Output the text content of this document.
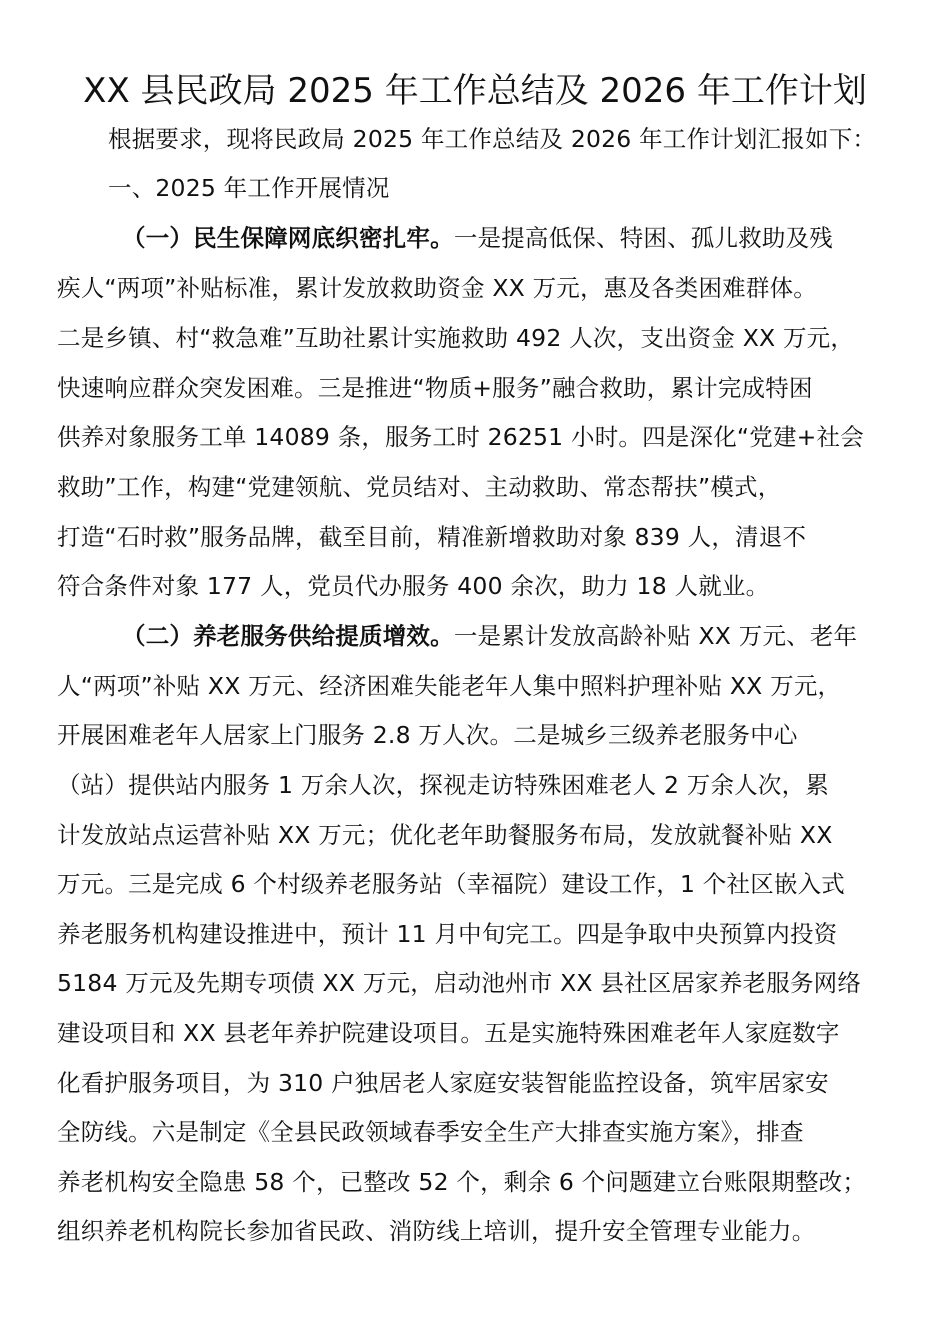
XX 县民政局 2025 年工作总结及 2026 年工作计划
根据要求，现将民政局 2025 年工作总结及 2026 年工作计划汇报如下：
一、2025 年工作开展情况
（一）民生保障网底织密扎牢。一是提高低保、特困、孤儿救助及残
疾人“两项”补贴标准，累计发放救助资金 XX 万元，惠及各类困难群体。
二是乡镇、村“救急难”互助社累计实施救助 492 人次，支出资金 XX 万元，
快速响应群众突发困难。三是推进“物质+服务”融合救助，累计完成特困
供养对象服务工单 14089 条，服务工时 26251 小时。四是深化“党建+社会
救助”工作，构建“党建领航、党员结对、主动救助、常态帮扶”模式，
打造“石时救”服务品牌，截至目前，精准新增救助对象 839 人，清退不
符合条件对象 177 人，党员代办服务 400 余次，助力 18 人就业。
（二）养老服务供给提质增效。一是累计发放高龄补贴 XX 万元、老年
人“两项”补贴 XX 万元、经济困难失能老年人集中照料护理补贴 XX 万元，
开展困难老年人居家上门服务 2.8 万人次。二是城乡三级养老服务中心
（站）提供站内服务 1 万余人次，探视走访特殊困难老人 2 万余人次，累
计发放站点运营补贴 XX 万元；优化老年助餐服务布局，发放就餐补贴 XX
万元。三是完成 6 个村级养老服务站（幸福院）建设工作，1 个社区嵌入式
养老服务机构建设推进中，预计 11 月中旬完工。四是争取中央预算内投资
5184 万元及先期专项债 XX 万元，启动池州市 XX 县社区居家养老服务网络
建设项目和 XX 县老年养护院建设项目。五是实施特殊困难老年人家庭数字
化看护服务项目，为 310 户独居老人家庭安装智能监控设备，筑牢居家安
全防线。六是制定《全县民政领域春季安全生产大排查实施方案》，排查
养老机构安全隐患 58 个，已整改 52 个，剩余 6 个问题建立台账限期整改；
组织养老机构院长参加省民政、消防线上培训，提升安全管理专业能力。
